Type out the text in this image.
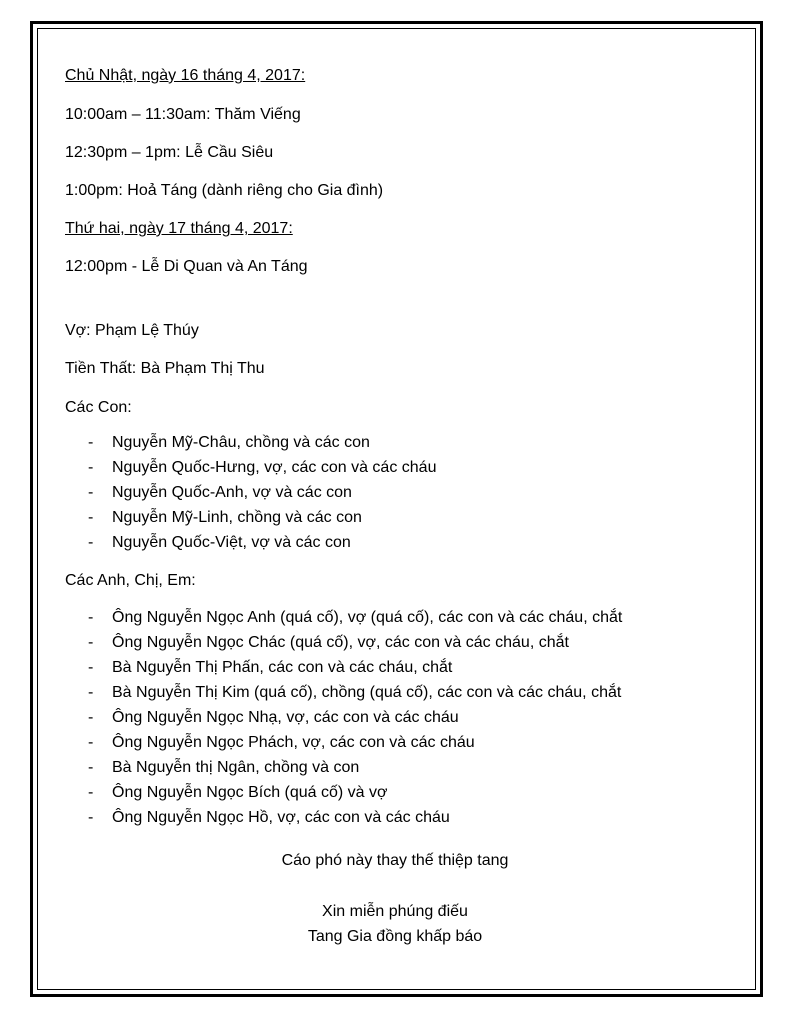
Chủ Nhật, ngày 16 tháng 4, 2017:
10:00am – 11:30am: Thăm Viếng
12:30pm – 1pm: Lễ Cầu Siêu
1:00pm: Hoả Táng (dành riêng cho Gia đình)
Thứ hai, ngày 17 tháng 4, 2017:
12:00pm - Lễ Di Quan và An Táng
Vợ: Phạm Lệ Thúy
Tiền Thất: Bà Phạm Thị Thu
Các Con:
- Nguyễn Mỹ-Châu, chồng và các con
- Nguyễn Quốc-Hưng, vợ, các con và các cháu
- Nguyễn Quốc-Anh, vợ và các con
- Nguyễn Mỹ-Linh, chồng và các con
- Nguyễn Quốc-Việt, vợ và các con
Các Anh, Chị, Em:
- Ông Nguyễn Ngọc Anh (quá cố), vợ (quá cố), các con và các cháu, chắt
- Ông Nguyễn Ngọc Chác (quá cố), vợ, các con và các cháu, chắt
- Bà Nguyễn Thị Phấn, các con và các cháu, chắt
- Bà Nguyễn Thị Kim (quá cố), chồng (quá cố), các con và các cháu, chắt
- Ông Nguyễn Ngọc Nhạ, vợ, các con và các cháu
- Ông Nguyễn Ngọc Phách, vợ, các con và các cháu
- Bà Nguyễn thị Ngân, chồng và con
- Ông Nguyễn Ngọc Bích (quá cố) và vợ
- Ông Nguyễn Ngọc Hồ, vợ, các con và các cháu
Cáo phó này thay thế thiệp tang
Xin miễn phúng điếu
Tang Gia đồng khấp báo
